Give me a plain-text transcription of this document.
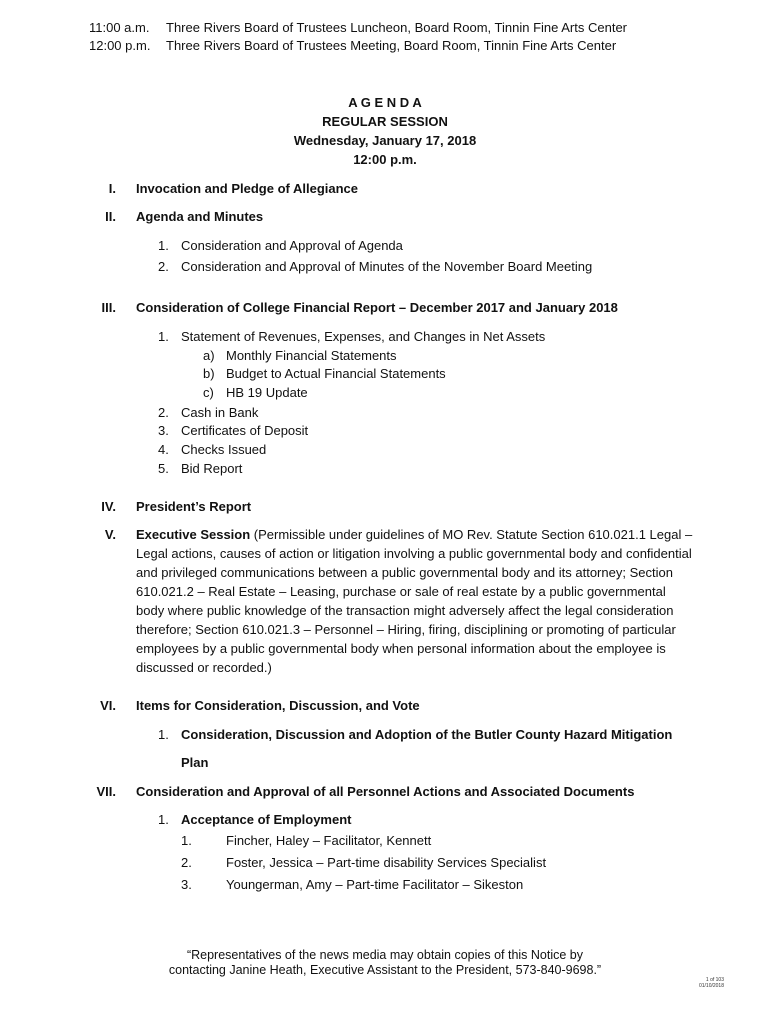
11:00 a.m. Three Rivers Board of Trustees Luncheon, Board Room, Tinnin Fine Arts Center
12:00 p.m. Three Rivers Board of Trustees Meeting, Board Room, Tinnin Fine Arts Center
A G E N D A
REGULAR SESSION
Wednesday, January 17, 2018
12:00 p.m.
I. Invocation and Pledge of Allegiance
II. Agenda and Minutes
1. Consideration and Approval of Agenda
2. Consideration and Approval of Minutes of the November Board Meeting
III. Consideration of College Financial Report – December 2017 and January 2018
1. Statement of Revenues, Expenses, and Changes in Net Assets
a) Monthly Financial Statements
b) Budget to Actual Financial Statements
c) HB 19 Update
2. Cash in Bank
3. Certificates of Deposit
4. Checks Issued
5. Bid Report
IV. President’s Report
V. Executive Session (Permissible under guidelines of MO Rev. Statute Section 610.021.1 Legal – Legal actions, causes of action or litigation involving a public governmental body and confidential and privileged communications between a public governmental body and its attorney; Section 610.021.2 – Real Estate – Leasing, purchase or sale of real estate by a public governmental body where public knowledge of the transaction might adversely affect the legal consideration therefore; Section 610.021.3 – Personnel – Hiring, firing, disciplining or promoting of particular employees by a public governmental body when personal information about the employee is discussed or recorded.)
VI. Items for Consideration, Discussion, and Vote
1. Consideration, Discussion and Adoption of the Butler County Hazard Mitigation
Plan
VII. Consideration and Approval of all Personnel Actions and Associated Documents
1. Acceptance of Employment
1.	Fincher, Haley – Facilitator, Kennett
2.	Foster, Jessica – Part-time disability Services Specialist
3.	Youngerman, Amy – Part-time Facilitator – Sikeston
“Representatives of the news media may obtain copies of this Notice by
contacting Janine Heath, Executive Assistant to the President, 573-840-9698.”
1 of 103
01/10/2018
